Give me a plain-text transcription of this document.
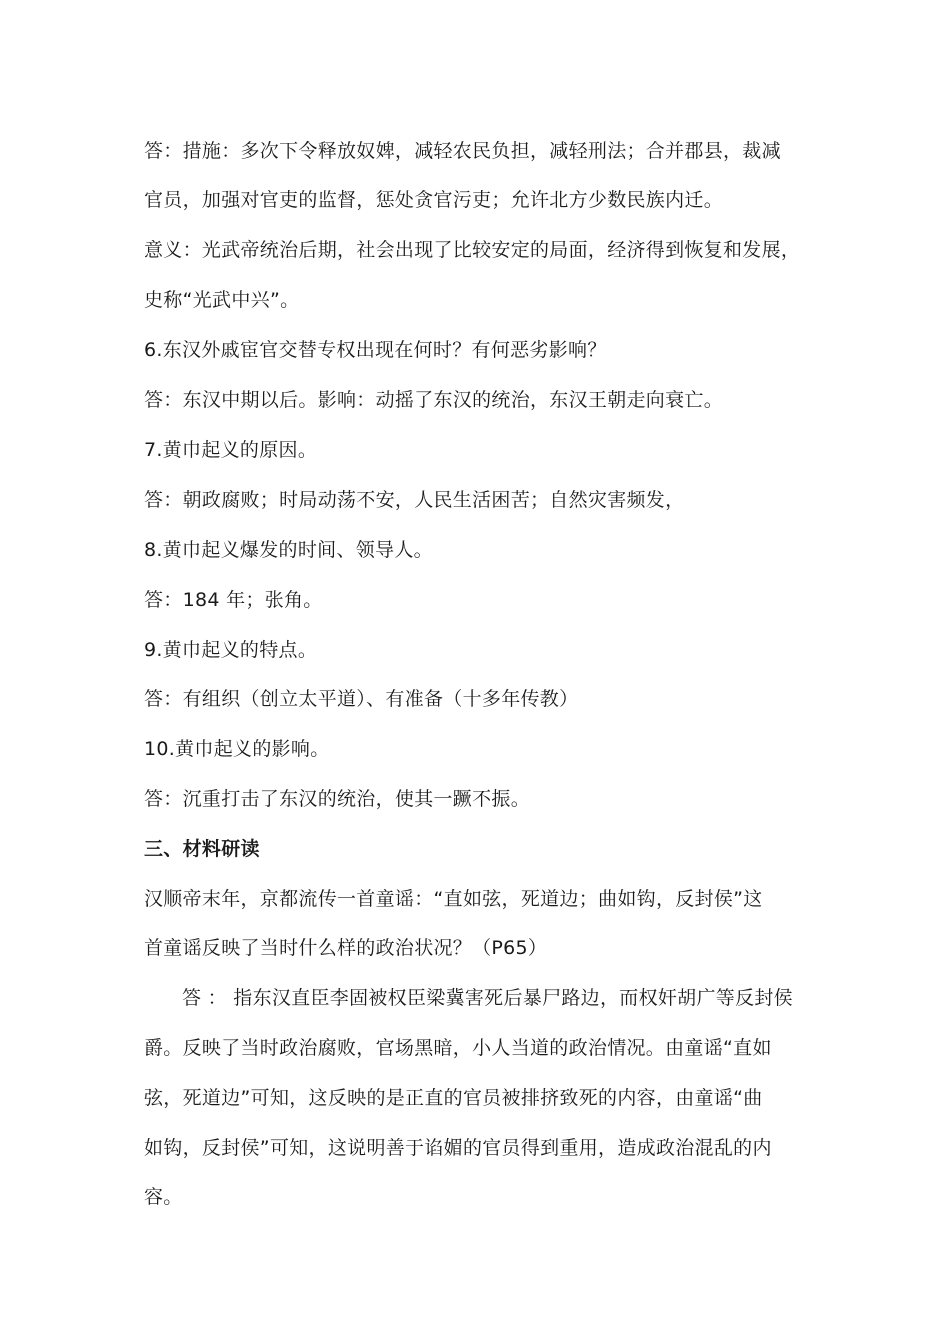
答：措施：多次下令释放奴婢，减轻农民负担，减轻刑法；合并郡县，裁减
官员，加强对官吏的监督，惩处贪官污吏；允许北方少数民族内迁。
意义：光武帝统治后期，社会出现了比较安定的局面，经济得到恢复和发展，
史称“光武中兴”。
6.东汉外戚宦官交替专权出现在何时？有何恶劣影响？
答：东汉中期以后。影响：动摇了东汉的统治，东汉王朝走向衰亡。
7.黄巾起义的原因。
答：朝政腐败；时局动荡不安，人民生活困苦；自然灾害频发，
8.黄巾起义爆发的时间、领导人。
答：184 年；张角。
9.黄巾起义的特点。
答：有组织（创立太平道）、有准备（十多年传教）
10.黄巾起义的影响。
答：沉重打击了东汉的统治，使其一蹶不振。
三、材料研读
汉顺帝末年，京都流传一首童谣：“直如弦，死道边；曲如钩，反封侯”这
首童谣反映了当时什么样的政治状况？（P65）
答 ： 指东汉直臣李固被权臣梁冀害死后暴尸路边，而权奸胡广等反封侯
爵。反映了当时政治腐败，官场黑暗，小人当道的政治情况。由童谣“直如
弦，死道边”可知，这反映的是正直的官员被排挤致死的内容，由童谣“曲
如钩，反封侯”可知，这说明善于谄媚的官员得到重用，造成政治混乱的内
容。
